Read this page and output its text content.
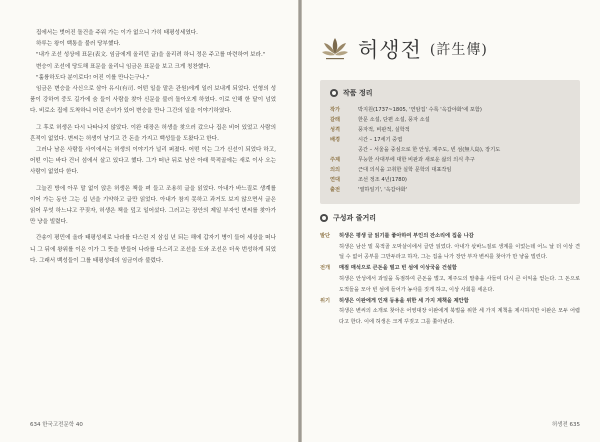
집에서는 벗어진 돌건을 주워 가는 이가 없으니 가히 태평성세였다.

하루는 왕이 백통을 불러 당부했다.

"내가 조선 성상에 표문(表文. 임금에게 올리던 글)을 올리려 하니 정은 주고를 마련하여 보라."

변승이 조선에 당도해 표문을 올리니 임금은 표문을 보고 크게 칭찬했다.

"훌륭하도다 분이로다! 어진 이를 만나는구나."

임금은 변승을 사신으로 삼아 유시(有司. 어떤 일을 맡은 관원)에게 일러 보내게 되었다. 인형의 성품이 강하여 중도 길가에 숨 들이 사람을 찾아 신문을 불러 돌아오게 하였다. 이로 인해 한 달이 넘었다. 비로소 집에 도착하니 어린 손녀가 있어 변승을 만나 그간의 일을 이야기하였다.

그 후로 허생은 다시 나타나지 않았다. 이완 대장은 허생을 찾으러 갔으나 집은 비어 있었고 사람의 흔적이 없었다. 변씨는 허생이 남기고 간 돈을 가지고 백성들을 도왔다고 한다.

그러나 남은 사람들 사이에서는 허생의 이야기가 널리 퍼졌다. 어떤 이는 그가 신선이 되었다 하고, 어떤 이는 바다 건너 섬에서 살고 있다고 했다. 그가 떠난 뒤로 남산 아래 묵적골에는 새로 이사 오는 사람이 없었다 한다.

그늘진 방에 아무 말 없이 앉은 허생은 책을 펴 들고 조용히 글을 읽었다. 아내가 바느질로 생계를 이어 가는 동안 그는 십 년을 기약하고 글만 읽었다. 아내가 참지 못하고 과거도 보지 않으면서 글은 읽어 무엇 하느냐고 꾸짖자, 허생은 책을 덮고 일어섰다. 그러고는 장안의 제일 부자인 변씨를 찾아가 만 냥을 빌렸다.

간송이 평민에 올라 태평성세로 나라를 다스린 지 삼십 년 되는 해에 갑자기 병이 들어 세상을 떠나니 그 뒤에 왕위를 이은 이가 그 뜻을 받들어 나라를 다스리고 조선을 도와 조선은 더욱 번성하게 되었다. 그래서 백성들이 그를 태평성대의 임금이라 불렀다.

634 한국고전문학 40
허생전 (許生傳)
작품 정리
작가	박지원(1737~1805, '연암집' 수록 '옥갑야화'에 포함)
갈래	한문 소설, 단편 소설, 풍자 소설
성격	풍자적, 비판적, 실학적
배경	시간 – 17세기 중엽
공간 – 서울을 중심으로 한 안성, 제주도, 빈 섬(無人島), 장기도
주제	무능한 사대부에 대한 비판과 새로운 삶의 의식 추구
의의	근대 의식을 고취한 실학 문학의 대표작임
연대	조선 정조 4년(1780)
출전	'열하일기', '옥갑야화'
구성과 줄거리
발단	허생은 평생 글 읽기를 좋아하여 부인의 잔소리에 집을 나감
허생은 남산 밑 묵적골 오막살이에서 글만 읽었다. 아내가 삯바느질로 생계를 이었는데 어느 날 더 이상 견딜 수 없어 공부를 그만두라고 하자, 그는 집을 나가 장안 부자 변씨를 찾아가 만 냥을 빌린다.
전개	매점 매석으로 큰돈을 벌고 빈 섬에 이상국을 건설함
허생은 안성에서 과일을 독점하여 큰돈을 벌고, 제주도의 말총을 사들여 다시 큰 이익을 얻는다. 그 돈으로 도적들을 모아 빈 섬에 들어가 농사를 짓게 하고, 이상 사회를 세운다.
위기	허생은 이완에게 인재 등용을 위한 세 가지 계책을 제안함
허생은 변씨의 소개로 찾아온 어영대장 이완에게 북벌을 위한 세 가지 계책을 제시하지만 이완은 모두 어렵다고 한다. 이에 허생은 크게 꾸짖고 그를 쫓아낸다.
허생전 635
